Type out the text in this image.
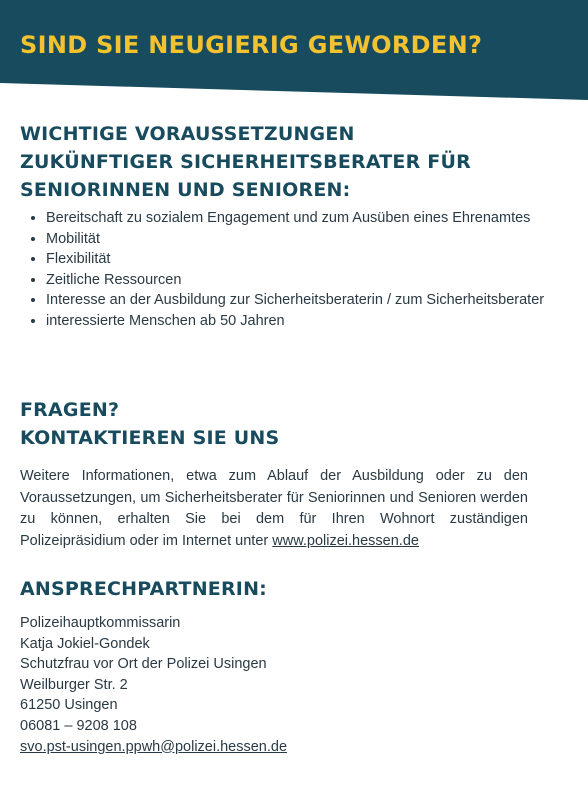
SIND SIE NEUGIERIG GEWORDEN?
WICHTIGE VORAUSSETZUNGEN
ZUKÜNFTIGER SICHERHEITSBERATER FÜR
SENIORINNEN UND SENIOREN:
• Bereitschaft zu sozialem Engagement und zum Ausüben eines Ehrenamtes
• Mobilität
• Flexibilität
• Zeitliche Ressourcen
• Interesse an der Ausbildung zur Sicherheitsberaterin / zum Sicherheitsberater
• interessierte Menschen ab 50 Jahren
FRAGEN?
KONTAKTIEREN SIE UNS

Weitere Informationen, etwa zum Ablauf der Ausbildung oder zu den Voraussetzungen, um Sicherheitsberater für Seniorinnen und Senioren werden zu können, erhalten Sie bei dem für Ihren Wohnort zuständigen Polizeipräsidium oder im Internet unter www.polizei.hessen.de

ANSPRECHPARTNERIN:
Polizeihauptkommissarin
Katja Jokiel-Gondek
Schutzfrau vor Ort der Polizei Usingen
Weilburger Str. 2
61250 Usingen
06081 – 9208 108
svo.pst-usingen.ppwh@polizei.hessen.de
